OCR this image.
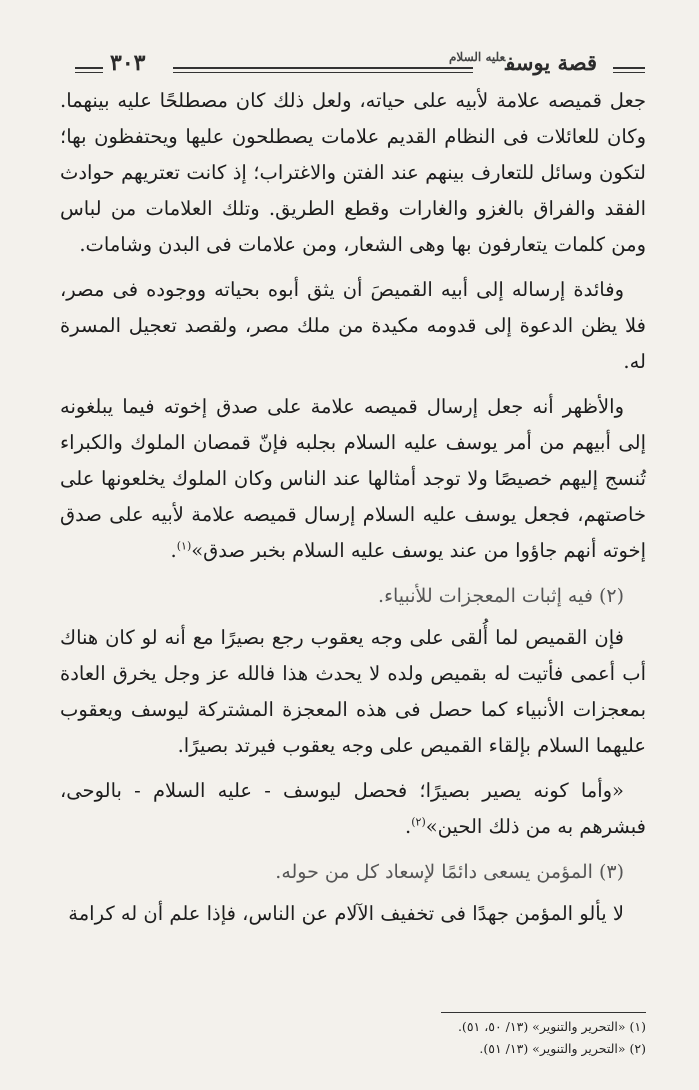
٣٠٣	قصة يوسف$^{عليه السلام}$

جعل قميصه علامة لأبيه على حياته، ولعل ذلك كان مصطلحًا عليه بينهما. وكان للعائلات فى النظام القديم علامات يصطلحون عليها ويحتفظون بها؛ لتكون وسائل للتعارف بينهم عند الفتن والاغتراب؛ إذ كانت تعتريهم حوادث الفقد والفراق بالغزو والغارات وقطع الطريق. وتلك العلامات من لباس ومن كلمات يتعارفون بها وهى الشعار، ومن علامات فى البدن وشامات.

وفائدة إرساله إلى أبيه القميصَ أن يثق أبوه بحياته ووجوده فى مصر، فلا يظن الدعوة إلى قدومه مكيدة من ملك مصر، ولقصد تعجيل المسرة له.

والأظهر أنه جعل إرسال قميصه علامة على صدق إخوته فيما يبلغونه إلى أبيهم من أمر يوسف عليه السلام بجلبه فإنّ قمصان الملوك والكبراء تُنسج إليهم خصيصًا ولا توجد أمثالها عند الناس وكان الملوك يخلعونها على خاصتهم، فجعل يوسف عليه السلام إرسال قميصه علامة لأبيه على صدق إخوته أنهم جاؤوا من عند يوسف عليه السلام بخبر صدق»$^{(١)}$.

(٢) فيه إثبات المعجزات للأنبياء.

فإن القميص لما أُلقى على وجه يعقوب رجع بصيرًا مع أنه لو كان هناك أب أعمى فأتيت له بقميص ولده لا يحدث هذا فالله عز وجل يخرق العادة بمعجزات الأنبياء كما حصل فى هذه المعجزة المشتركة ليوسف ويعقوب عليهما السلام بإلقاء القميص على وجه يعقوب فيرتد بصيرًا.

«وأما كونه يصير بصيرًا؛ فحصل ليوسف - عليه السلام - بالوحى، فبشرهم به من ذلك الحين»$^{(٢)}$.

(٣) المؤمن يسعى دائمًا لإسعاد كل من حوله.

لا يألو المؤمن جهدًا فى تخفيف الآلام عن الناس، فإذا علم أن له كرامة

(١) «التحرير والتنوير» (١٣/ ٥٠، ٥١).
(٢) «التحرير والتنوير» (١٣/ ٥١).
